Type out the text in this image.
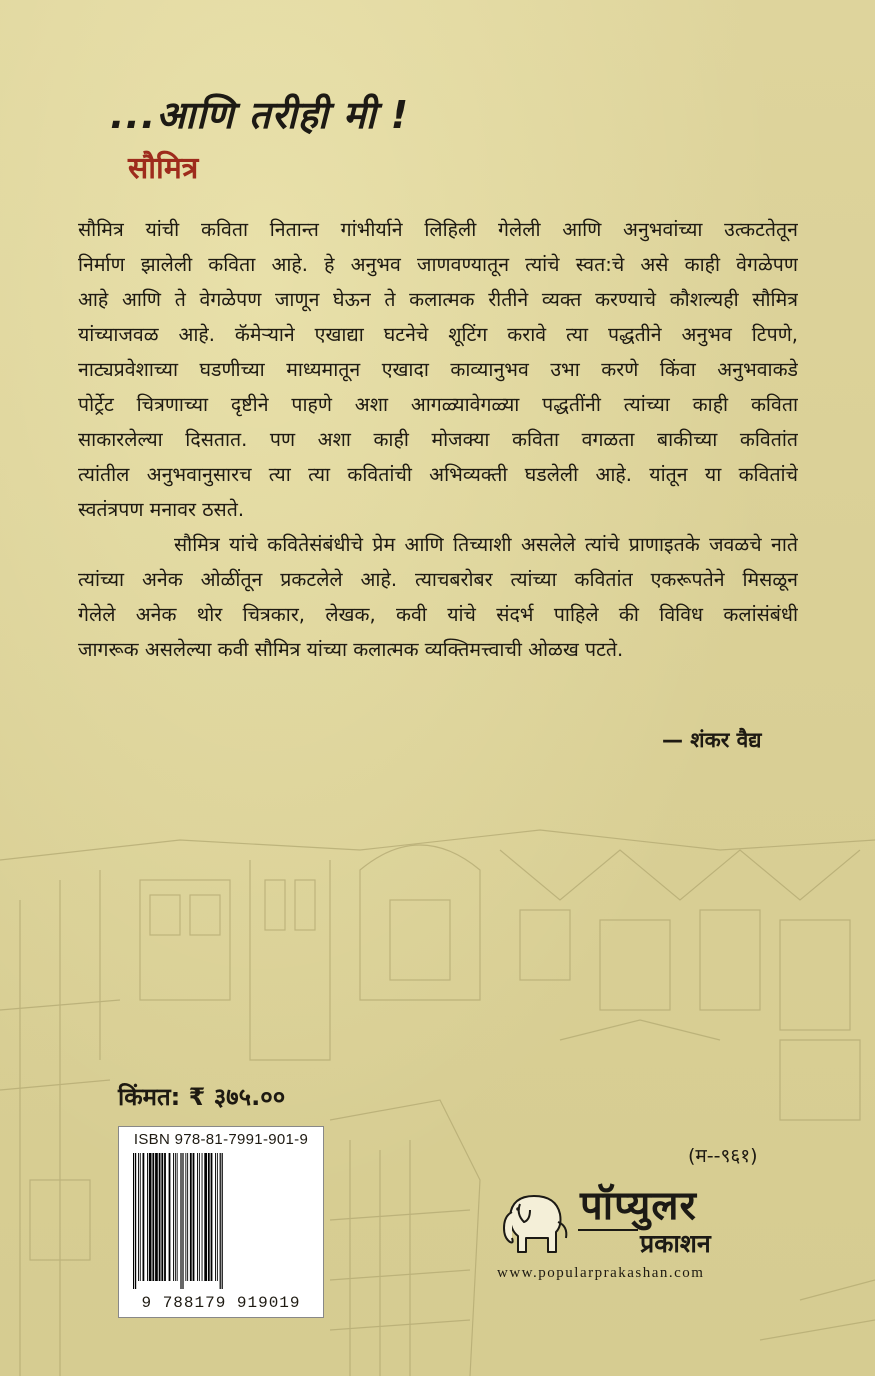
...आणि तरीही मी !
सौमित्र
सौमित्र यांची कविता नितान्त गांभीर्याने लिहिली गेलेली आणि अनुभवांच्या उत्कटतेतून
निर्माण झालेली कविता आहे. हे अनुभव जाणवण्यातून त्यांचे स्वत:चे असे काही वेगळेपण
आहे आणि ते वेगळेपण जाणून घेऊन ते कलात्मक रीतीने व्यक्त करण्याचे कौशल्यही सौमित्र
यांच्याजवळ आहे. कॅमेऱ्याने एखाद्या घटनेचे शूटिंग करावे त्या पद्धतीने अनुभव टिपणे,
नाट्यप्रवेशाच्या घडणीच्या माध्यमातून एखादा काव्यानुभव उभा करणे किंवा अनुभवाकडे
पोर्ट्रेट चित्रणाच्या दृष्टीने पाहणे अशा आगळ्यावेगळ्या पद्धतींनी त्यांच्या काही कविता
साकारलेल्या दिसतात. पण अशा काही मोजक्या कविता वगळता बाकीच्या कवितांत
त्यांतील अनुभवानुसारच त्या त्या कवितांची अभिव्यक्ती घडलेली आहे. यांतून या कवितांचे
स्वतंत्रपण मनावर ठसते.
सौमित्र यांचे कवितेसंबंधीचे प्रेम आणि तिच्याशी असलेले त्यांचे प्राणाइतके जवळचे नाते
त्यांच्या अनेक ओळींतून प्रकटलेले आहे. त्याचबरोबर त्यांच्या कवितांत एकरूपतेने मिसळून
गेलेले अनेक थोर चित्रकार, लेखक, कवी यांचे संदर्भ पाहिले की विविध कलांसंबंधी
जागरूक असलेल्या कवी सौमित्र यांच्या कलात्मक व्यक्तिमत्त्वाची ओळख पटते.
— शंकर वैद्य
किंमत: ₹ ३७५.००
ISBN 978-81-7991-901-9
9 788179 919019
(म--९६१)
पॉप्युलर
प्रकाशन
www.popularprakashan.com
